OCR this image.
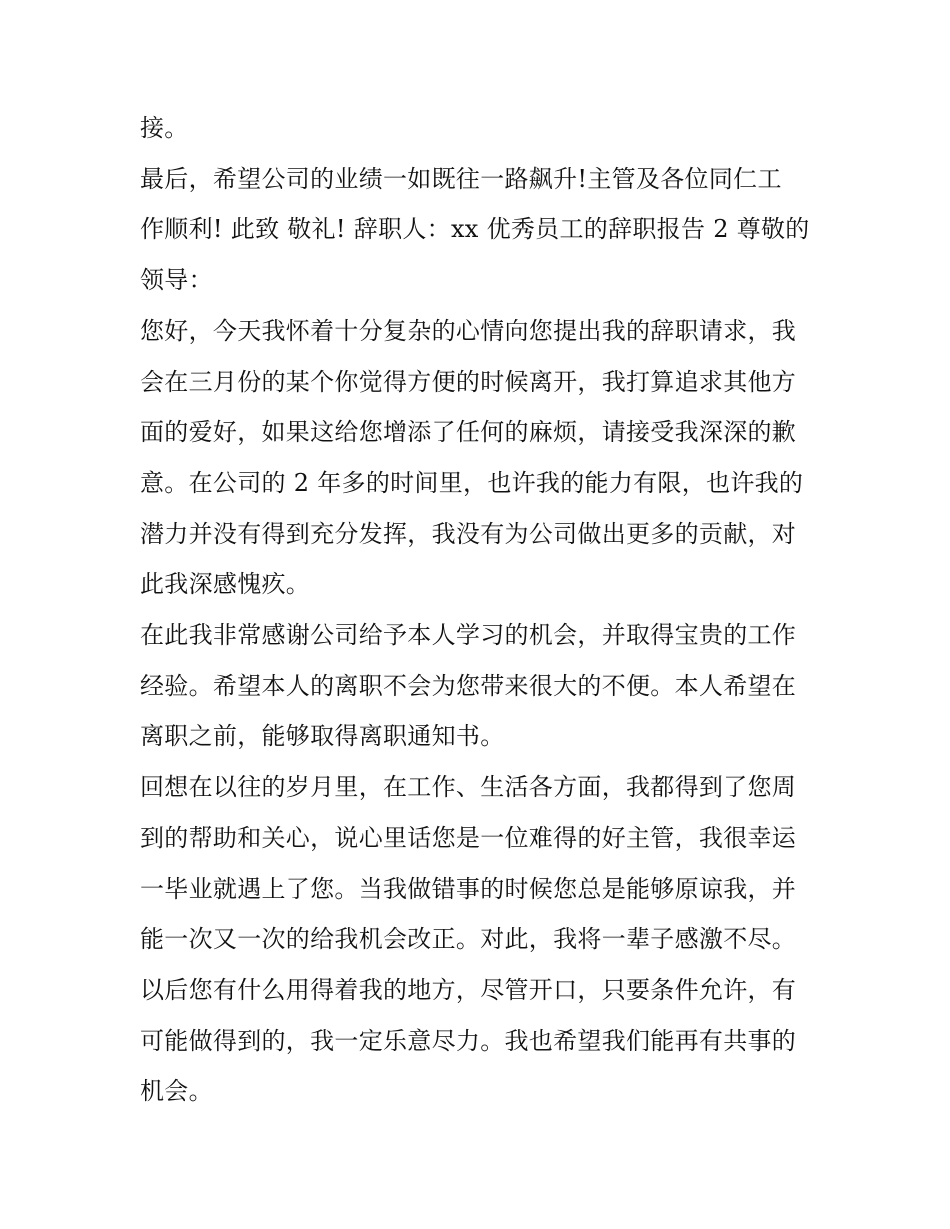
接。
最后，希望公司的业绩一如既往一路飙升!主管及各位同仁工
作顺利! 此致 敬礼! 辞职人：xx 优秀员工的辞职报告 2 尊敬的
领导：
您好，今天我怀着十分复杂的心情向您提出我的辞职请求，我
会在三月份的某个你觉得方便的时候离开，我打算追求其他方
面的爱好，如果这给您增添了任何的麻烦，请接受我深深的歉
意。在公司的 2 年多的时间里，也许我的能力有限，也许我的
潜力并没有得到充分发挥，我没有为公司做出更多的贡献，对
此我深感愧疚。
在此我非常感谢公司给予本人学习的机会，并取得宝贵的工作
经验。希望本人的离职不会为您带来很大的不便。本人希望在
离职之前，能够取得离职通知书。
回想在以往的岁月里，在工作、生活各方面，我都得到了您周
到的帮助和关心，说心里话您是一位难得的好主管，我很幸运
一毕业就遇上了您。当我做错事的时候您总是能够原谅我，并
能一次又一次的给我机会改正。对此，我将一辈子感激不尽。
以后您有什么用得着我的地方，尽管开口，只要条件允许，有
可能做得到的，我一定乐意尽力。我也希望我们能再有共事的
机会。
